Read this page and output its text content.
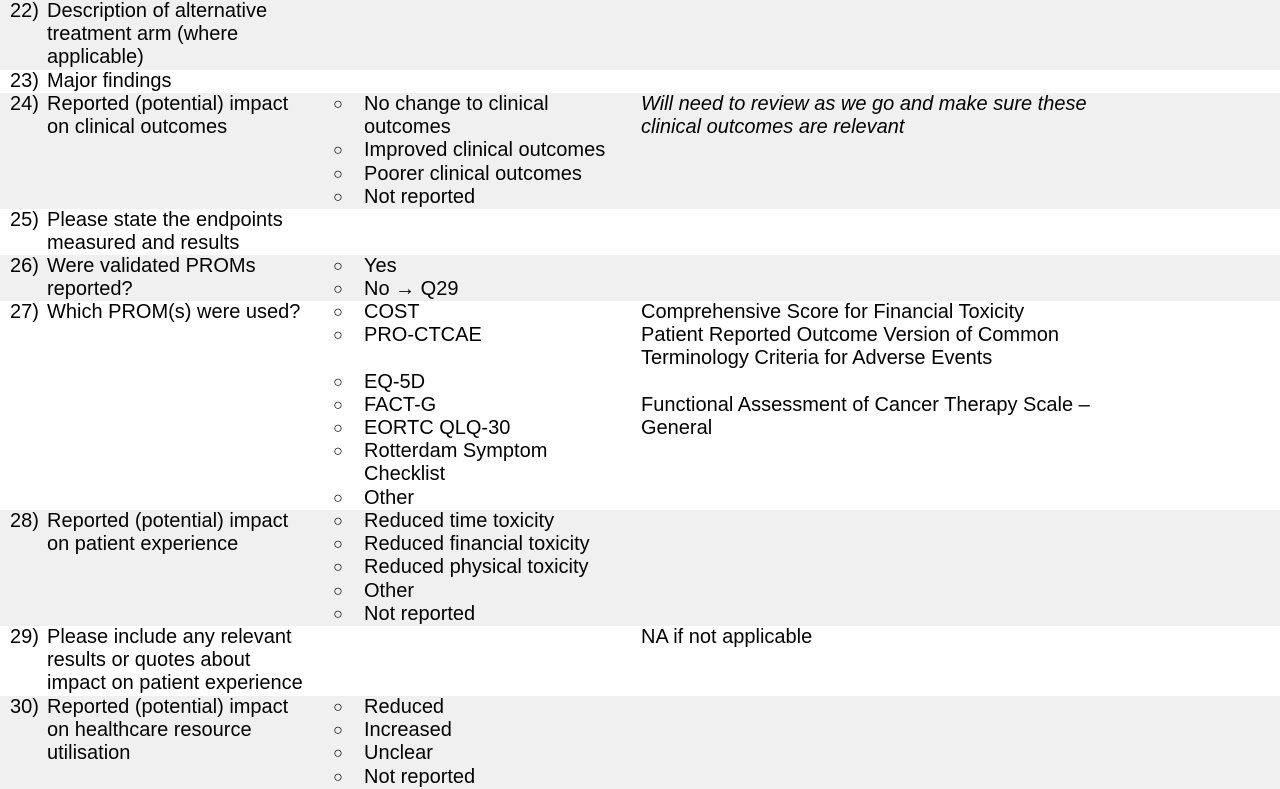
22) Description of alternative
treatment arm (where
applicable)
23) Major findings
24) Reported (potential) impact
on clinical outcomes
○ No change to clinical
outcomes
○ Improved clinical outcomes
○ Poorer clinical outcomes
○ Not reported
Will need to review as we go and make sure these
clinical outcomes are relevant
25) Please state the endpoints
measured and results
26) Were validated PROMs
reported?
○ Yes
○ No → Q29
27) Which PROM(s) were used?	○ COST
○ PRO-CTCAE
○ EQ-5D
○ FACT-G
○ EORTC QLQ-30
○ Rotterdam Symptom
Checklist
○ Other
Comprehensive Score for Financial Toxicity
Patient Reported Outcome Version of Common
Terminology Criteria for Adverse Events
Functional Assessment of Cancer Therapy Scale –
General
28) Reported (potential) impact
on patient experience
○ Reduced time toxicity
○ Reduced financial toxicity
○ Reduced physical toxicity
○ Other
○ Not reported
29) Please include any relevant
results or quotes about
impact on patient experience
NA if not applicable
30) Reported (potential) impact
on healthcare resource
utilisation
○ Reduced
○ Increased
○ Unclear
○ Not reported
